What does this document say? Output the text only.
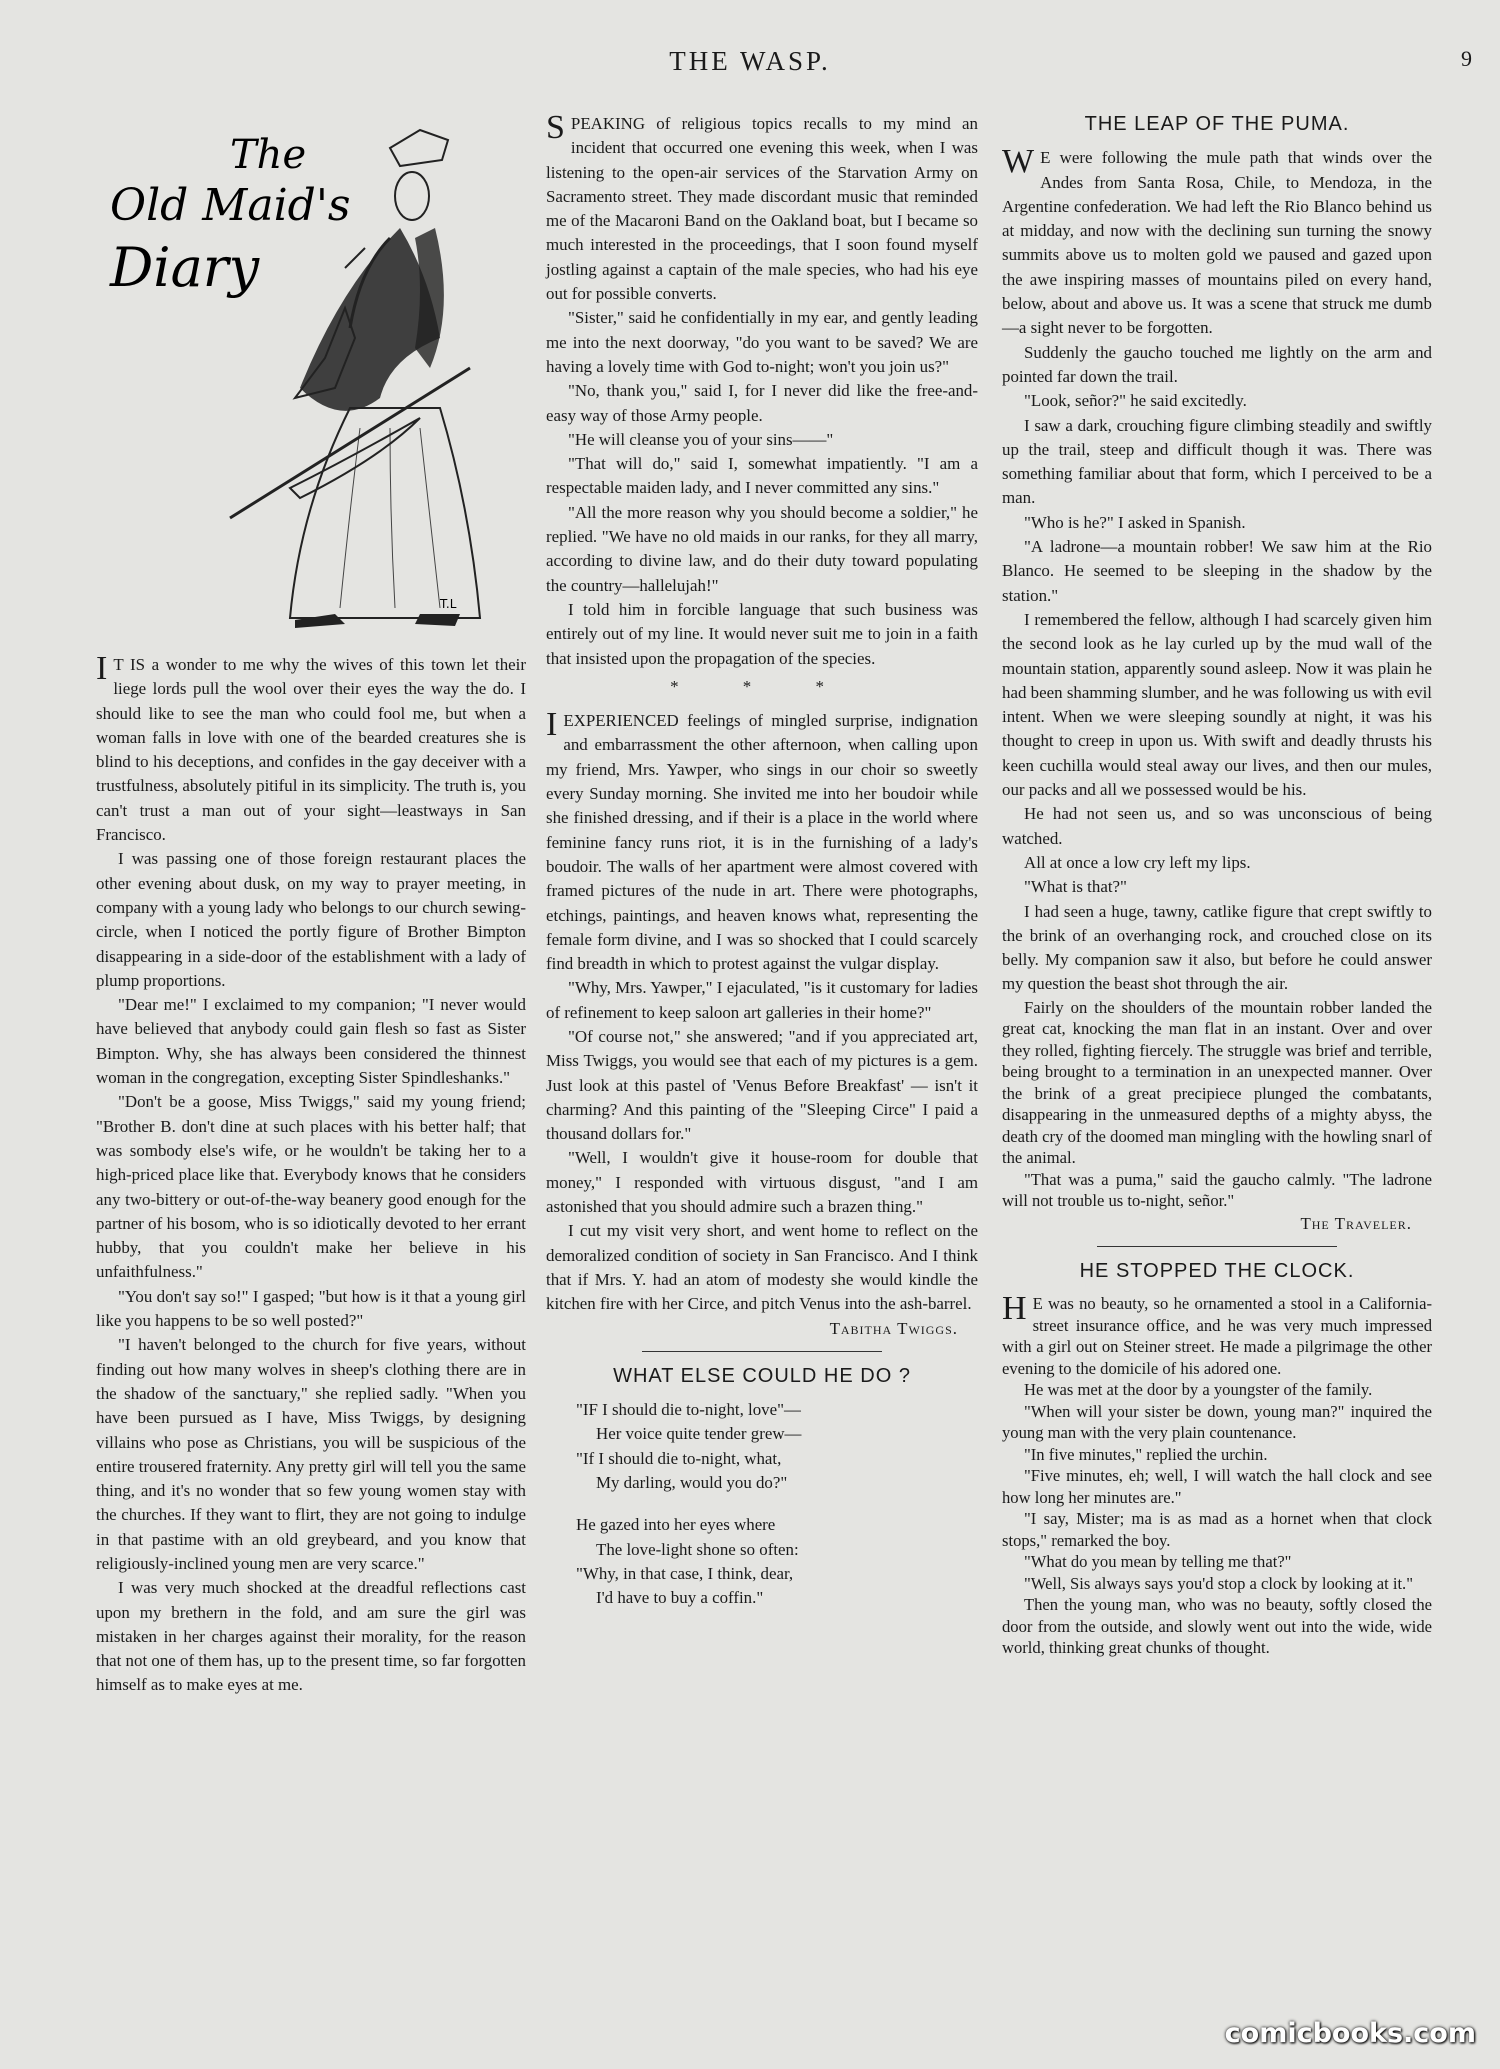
THE WASP.	9
The
Old Maid's
Diary
T.L

I T IS a wonder to me why the wives of this town let their liege lords pull the wool over their eyes the way the do. I should like to see the man who could fool me, but when a woman falls in love with one of the bearded creatures she is blind to his deceptions, and confides in the gay deceiver with a trustfulness, absolutely pitiful in its simplicity. The truth is, you can't trust a man out of your sight—leastways in San Francisco.

I was passing one of those foreign restaurant places the other evening about dusk, on my way to prayer meeting, in company with a young lady who belongs to our church sewing-circle, when I noticed the portly figure of Brother Bimpton disappearing in a side-door of the establishment with a lady of plump proportions.

"Dear me!" I exclaimed to my companion; "I never would have believed that anybody could gain flesh so fast as Sister Bimpton. Why, she has always been considered the thinnest woman in the congregation, excepting Sister Spindleshanks."

"Don't be a goose, Miss Twiggs," said my young friend; "Brother B. don't dine at such places with his better half; that was sombody else's wife, or he wouldn't be taking her to a high-priced place like that. Everybody knows that he considers any two-bittery or out-of-the-way beanery good enough for the partner of his bosom, who is so idiotically devoted to her errant hubby, that you couldn't make her believe in his unfaithfulness."

"You don't say so!" I gasped; "but how is it that a young girl like you happens to be so well posted?"

"I haven't belonged to the church for five years, without finding out how many wolves in sheep's clothing there are in the shadow of the sanctuary," she replied sadly. "When you have been pursued as I have, Miss Twiggs, by designing villains who pose as Christians, you will be suspicious of the entire trousered fraternity. Any pretty girl will tell you the same thing, and it's no wonder that so few young women stay with the churches. If they want to flirt, they are not going to indulge in that pastime with an old greybeard, and you know that religiously-inclined young men are very scarce."

I was very much shocked at the dreadful reflections cast upon my brethern in the fold, and am sure the girl was mistaken in her charges against their morality, for the reason that not one of them has, up to the present time, so far forgotten himself as to make eyes at me.

SPEAKING of religious topics recalls to my mind an incident that occurred one evening this week, when I was listening to the open-air services of the Starvation Army on Sacramento street. They made discordant music that reminded me of the Macaroni Band on the Oakland boat, but I became so much interested in the proceedings, that I soon found myself jostling against a captain of the male species, who had his eye out for possible converts.

"Sister," said he confidentially in my ear, and gently leading me into the next doorway, "do you want to be saved? We are having a lovely time with God to-night; won't you join us?"

"No, thank you," said I, for I never did like the free-and-easy way of those Army people.

"He will cleanse you of your sins——"

"That will do," said I, somewhat impatiently. "I am a respectable maiden lady, and I never committed any sins."

"All the more reason why you should become a soldier," he replied. "We have no old maids in our ranks, for they all marry, according to divine law, and do their duty toward populating the country—hallelujah!"

I told him in forcible language that such business was entirely out of my line. It would never suit me to join in a faith that insisted upon the propagation of the species.

* * *

IEXPERIENCED feelings of mingled surprise, indignation and embarrassment the other afternoon, when calling upon my friend, Mrs. Yawper, who sings in our choir so sweetly every Sunday morning. She invited me into her boudoir while she finished dressing, and if their is a place in the world where feminine fancy runs riot, it is in the furnishing of a lady's boudoir. The walls of her apartment were almost covered with framed pictures of the nude in art. There were photographs, etchings, paintings, and heaven knows what, representing the female form divine, and I was so shocked that I could scarcely find breadth in which to protest against the vulgar display.

"Why, Mrs. Yawper," I ejaculated, "is it customary for ladies of refinement to keep saloon art galleries in their home?"

"Of course not," she answered; "and if you appreciated art, Miss Twiggs, you would see that each of my pictures is a gem. Just look at this pastel of 'Venus Before Breakfast' — isn't it charming? And this painting of the "Sleeping Circe" I paid a thousand dollars for."

"Well, I wouldn't give it house-room for double that money," I responded with virtuous disgust, "and I am astonished that you should admire such a brazen thing."

I cut my visit very short, and went home to reflect on the demoralized condition of society in San Francisco. And I think that if Mrs. Y. had an atom of modesty she would kindle the kitchen fire with her Circe, and pitch Venus into the ash-barrel.

Tabitha Twiggs.
WHAT ELSE COULD HE DO ?
"IF I should die to-night, love"—
Her voice quite tender grew—
"If I should die to-night, what,
My darling, would you do?"
He gazed into her eyes where
The love-light shone so often:
"Why, in that case, I think, dear,
I'd have to buy a coffin."
THE LEAP OF THE PUMA.

W E were following the mule path that winds over the Andes from Santa Rosa, Chile, to Mendoza, in the Argentine confederation. We had left the Rio Blanco behind us at midday, and now with the declining sun turning the snowy summits above us to molten gold we paused and gazed upon the awe inspiring masses of mountains piled on every hand, below, about and above us. It was a scene that struck me dumb—a sight never to be forgotten.

Suddenly the gaucho touched me lightly on the arm and pointed far down the trail.

"Look, señor?" he said excitedly.

I saw a dark, crouching figure climbing steadily and swiftly up the trail, steep and difficult though it was. There was something familiar about that form, which I perceived to be a man.

"Who is he?" I asked in Spanish.

"A ladrone—a mountain robber! We saw him at the Rio Blanco. He seemed to be sleeping in the shadow by the station."

I remembered the fellow, although I had scarcely given him the second look as he lay curled up by the mud wall of the mountain station, apparently sound asleep. Now it was plain he had been shamming slumber, and he was following us with evil intent. When we were sleeping soundly at night, it was his thought to creep in upon us. With swift and deadly thrusts his keen cuchilla would steal away our lives, and then our mules, our packs and all we possessed would be his.

He had not seen us, and so was unconscious of being watched.

All at once a low cry left my lips.

"What is that?"

I had seen a huge, tawny, catlike figure that crept swiftly to the brink of an overhanging rock, and crouched close on its belly. My companion saw it also, but before he could answer my question the beast shot through the air.

Fairly on the shoulders of the mountain robber landed the great cat, knocking the man flat in an instant. Over and over they rolled, fighting fiercely. The struggle was brief and terrible, being brought to a termination in an unexpected manner. Over the brink of a great precipiece plunged the combatants, disappearing in the unmeasured depths of a mighty abyss, the death cry of the doomed man mingling with the howling snarl of the animal.

"That was a puma," said the gaucho calmly. "The ladrone will not trouble us to-night, señor."

The Traveler.
HE STOPPED THE CLOCK.

H E was no beauty, so he ornamented a stool in a California-street insurance office, and he was very much impressed with a girl out on Steiner street. He made a pilgrimage the other evening to the domicile of his adored one.

He was met at the door by a youngster of the family.

"When will your sister be down, young man?" inquired the young man with the very plain countenance.

"In five minutes," replied the urchin.

"Five minutes, eh; well, I will watch the hall clock and see how long her minutes are."

"I say, Mister; ma is as mad as a hornet when that clock stops," remarked the boy.

"What do you mean by telling me that?"

"Well, Sis always says you'd stop a clock by looking at it."

Then the young man, who was no beauty, softly closed the door from the outside, and slowly went out into the wide, wide world, thinking great chunks of thought.

comicbooks.com
